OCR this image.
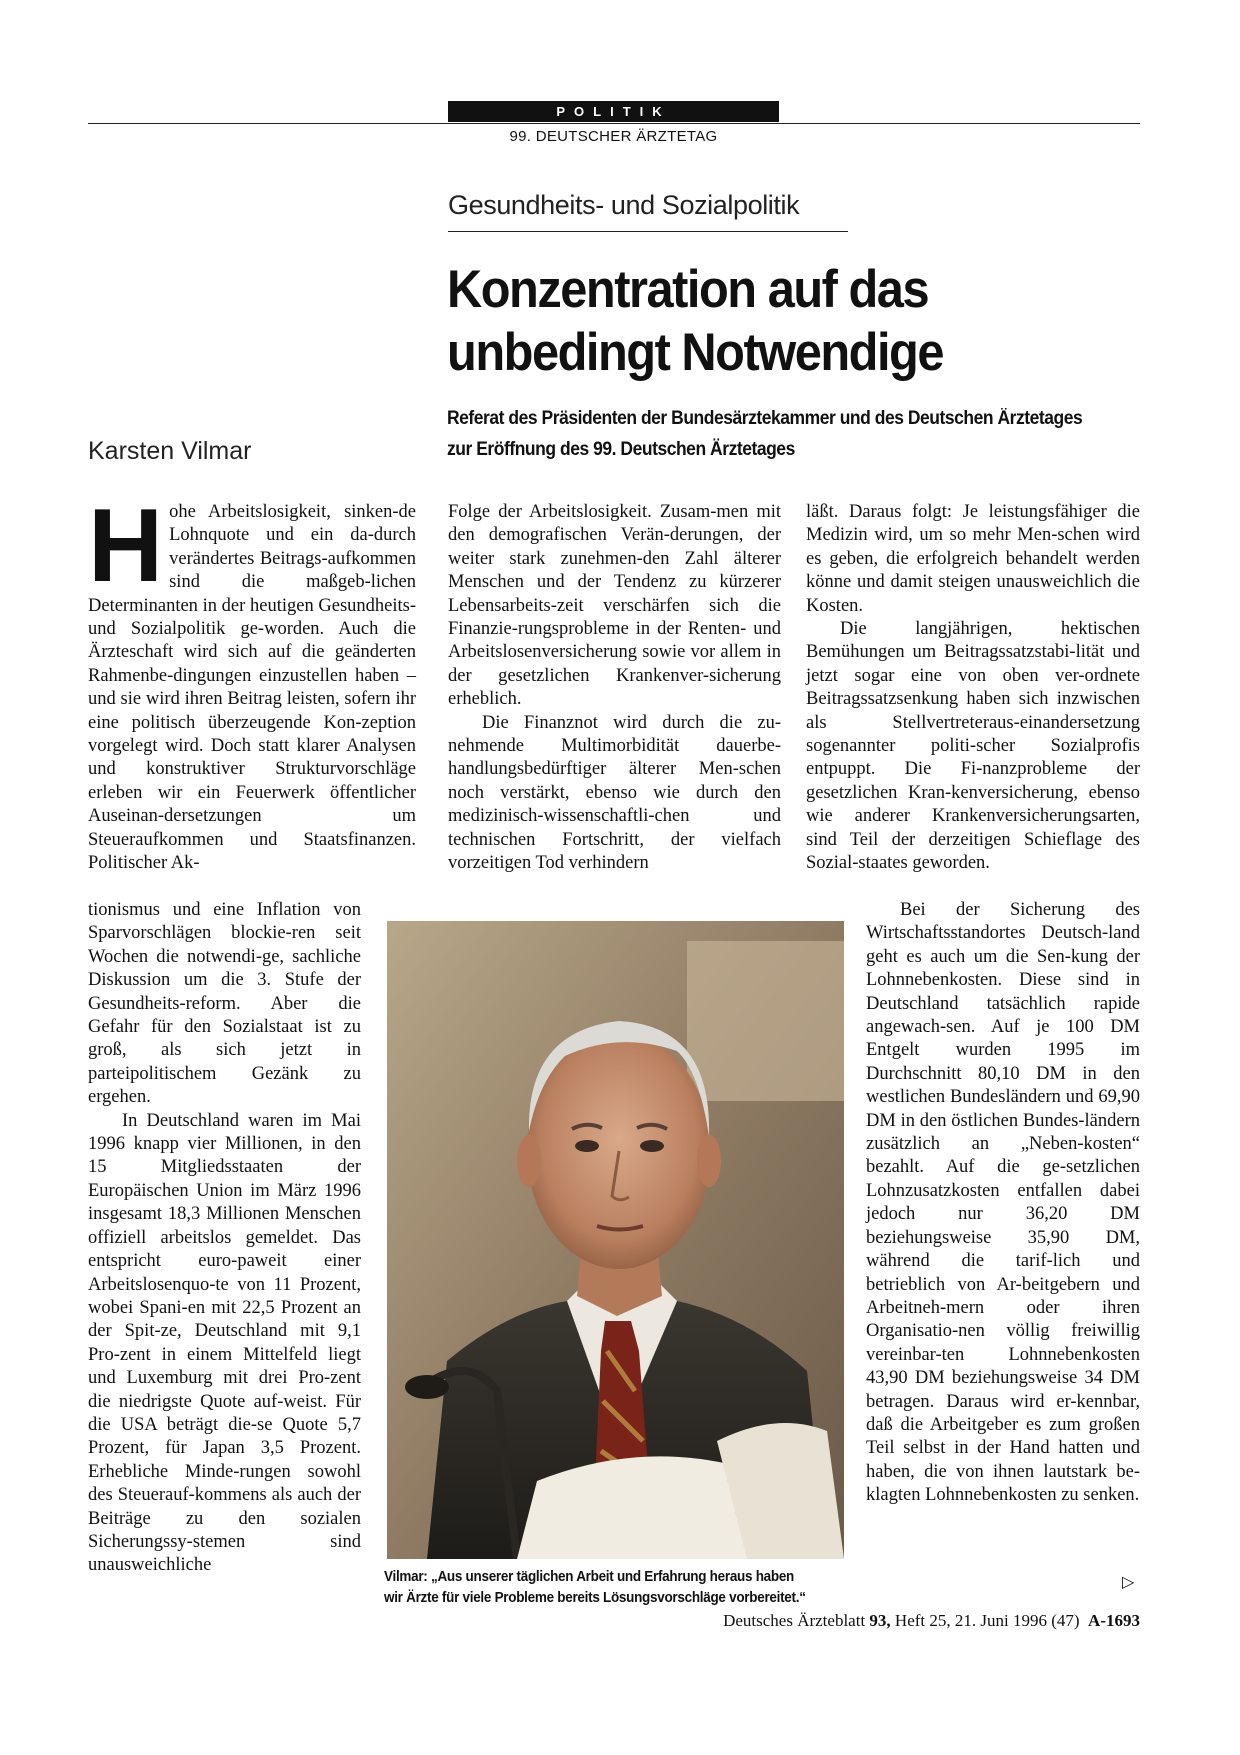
POLITIK
99. DEUTSCHER ÄRZTETAG
Gesundheits- und Sozialpolitik
Konzentration auf das
unbedingt Notwendige
Referat des Präsidenten der Bundesärztekammer und des Deutschen Ärztetages
zur Eröffnung des 99. Deutschen Ärztetages
Karsten Vilmar

Hohe Arbeitslosigkeit, sinken-de Lohnquote und ein da-durch verändertes Beitrags-aufkommen sind die maßgeb-lichen Determinanten in der heutigen Gesundheits- und Sozialpolitik ge-worden. Auch die Ärzteschaft wird sich auf die geänderten Rahmenbe-dingungen einzustellen haben – und sie wird ihren Beitrag leisten, sofern ihr eine politisch überzeugende Kon-zeption vorgelegt wird. Doch statt klarer Analysen und konstruktiver Strukturvorschläge erleben wir ein Feuerwerk öffentlicher Auseinan-dersetzungen um Steueraufkommen und Staatsfinanzen. Politischer Ak-

tionismus und eine Inflation von Sparvorschlägen blockie-ren seit Wochen die notwendi-ge, sachliche Diskussion um die 3. Stufe der Gesundheits-reform. Aber die Gefahr für den Sozialstaat ist zu groß, als sich jetzt in parteipolitischem Gezänk zu ergehen.

In Deutschland waren im Mai 1996 knapp vier Millionen, in den 15 Mitgliedsstaaten der Europäischen Union im März 1996 insgesamt 18,3 Millionen Menschen offiziell arbeitslos gemeldet. Das entspricht euro-paweit einer Arbeitslosenquo-te von 11 Prozent, wobei Spani-en mit 22,5 Prozent an der Spit-ze, Deutschland mit 9,1 Pro-zent in einem Mittelfeld liegt und Luxemburg mit drei Pro-zent die niedrigste Quote auf-weist. Für die USA beträgt die-se Quote 5,7 Prozent, für Japan 3,5 Prozent. Erhebliche Minde-rungen sowohl des Steuerauf-kommens als auch der Beiträge zu den sozialen Sicherungssy-stemen sind unausweichliche

Folge der Arbeitslosigkeit. Zusam-men mit den demografischen Verän-derungen, der weiter stark zunehmen-den Zahl älterer Menschen und der Tendenz zu kürzerer Lebensarbeits-zeit verschärfen sich die Finanzie-rungsprobleme in der Renten- und Arbeitslosenversicherung sowie vor allem in der gesetzlichen Krankenver-sicherung erheblich.

Die Finanznot wird durch die zu-nehmende Multimorbidität dauerbe-handlungsbedürftiger älterer Men-schen noch verstärkt, ebenso wie durch den medizinisch-wissenschaftli-chen und technischen Fortschritt, der vielfach vorzeitigen Tod verhindern

läßt. Daraus folgt: Je leistungsfähiger die Medizin wird, um so mehr Men-schen wird es geben, die erfolgreich behandelt werden könne und damit steigen unausweichlich die Kosten.

Die langjährigen, hektischen Bemühungen um Beitragssatzstabi-lität und jetzt sogar eine von oben ver-ordnete Beitragssatzsenkung haben sich inzwischen als Stellvertreteraus-einandersetzung sogenannter politi-scher Sozialprofis entpuppt. Die Fi-nanzprobleme der gesetzlichen Kran-kenversicherung, ebenso wie anderer Krankenversicherungsarten, sind Teil der derzeitigen Schieflage des Sozial-staates geworden.

Bei der Sicherung des Wirtschaftsstandortes Deutsch-land geht es auch um die Sen-kung der Lohnnebenkosten. Diese sind in Deutschland tatsächlich rapide angewach-sen. Auf je 100 DM Entgelt wurden 1995 im Durchschnitt 80,10 DM in den westlichen Bundesländern und 69,90 DM in den östlichen Bundes-ländern zusätzlich an „Neben-kosten“ bezahlt. Auf die ge-setzlichen Lohnzusatzkosten entfallen dabei jedoch nur 36,20 DM beziehungsweise 35,90 DM, während die tarif-lich und betrieblich von Ar-beitgebern und Arbeitneh-mern oder ihren Organisatio-nen völlig freiwillig vereinbar-ten Lohnnebenkosten 43,90 DM beziehungsweise 34 DM betragen. Daraus wird er-kennbar, daß die Arbeitgeber es zum großen Teil selbst in der Hand hatten und haben, die von ihnen lautstark be-klagten Lohnnebenkosten zu senken.

Vilmar: „Aus unserer täglichen Arbeit und Erfahrung heraus haben
wir Ärzte für viele Probleme bereits Lösungsvorschläge vorbereitet.“
▷
Deutsches Ärzteblatt 93, Heft 25, 21. Juni 1996 (47) A-1693
